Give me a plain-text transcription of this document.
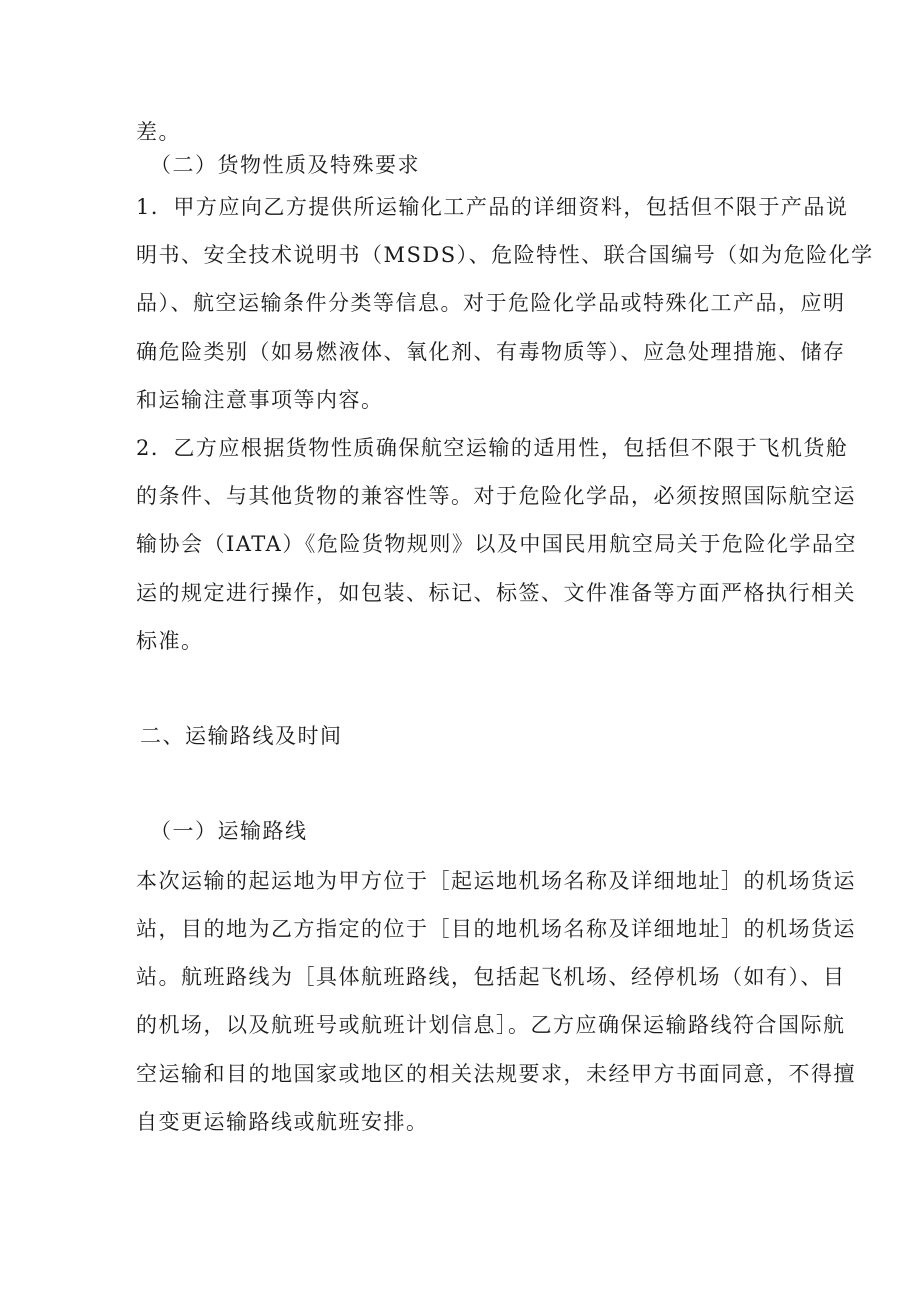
差。
（二）货物性质及特殊要求
1．甲方应向乙方提供所运输化工产品的详细资料，包括但不限于产品说
明书、安全技术说明书（MSDS）、危险特性、联合国编号（如为危险化学
品）、航空运输条件分类等信息。对于危险化学品或特殊化工产品，应明
确危险类别（如易燃液体、氧化剂、有毒物质等）、应急处理措施、储存
和运输注意事项等内容。
2．乙方应根据货物性质确保航空运输的适用性，包括但不限于飞机货舱
的条件、与其他货物的兼容性等。对于危险化学品，必须按照国际航空运
输协会（IATA）《危险货物规则》以及中国民用航空局关于危险化学品空
运的规定进行操作，如包装、标记、标签、文件准备等方面严格执行相关
标准。
二、运输路线及时间
（一）运输路线
本次运输的起运地为甲方位于［起运地机场名称及详细地址］的机场货运
站，目的地为乙方指定的位于［目的地机场名称及详细地址］的机场货运
站。航班路线为［具体航班路线，包括起飞机场、经停机场（如有）、目
的机场，以及航班号或航班计划信息］。乙方应确保运输路线符合国际航
空运输和目的地国家或地区的相关法规要求，未经甲方书面同意，不得擅
自变更运输路线或航班安排。
